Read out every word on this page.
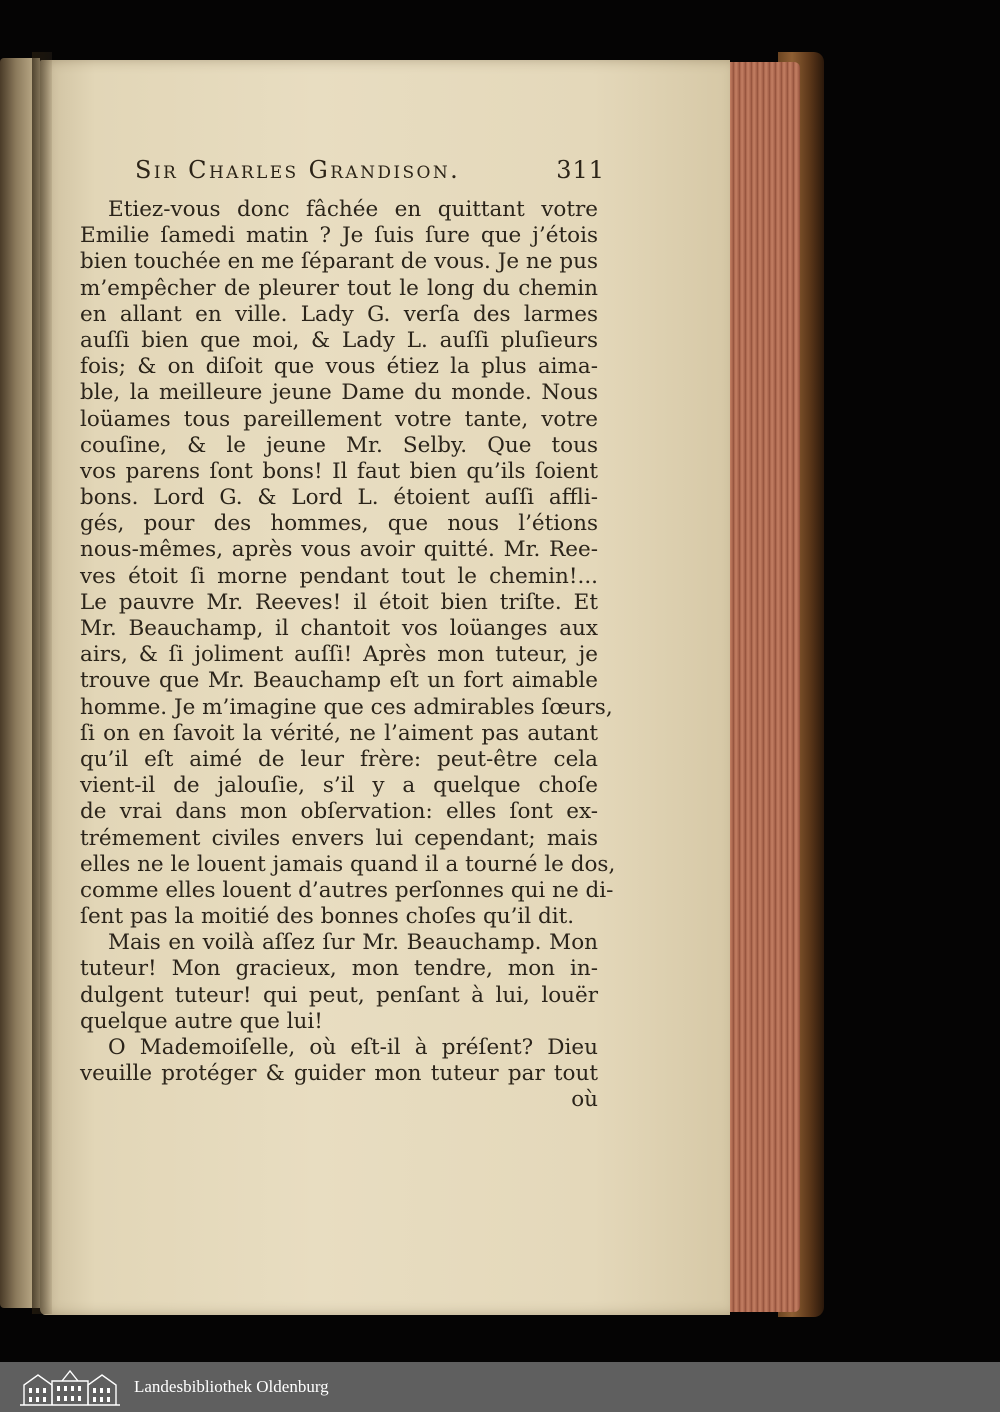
Sir Charles Grandison.	311
Etiez-vous donc fâchée en quittant votre
Emilie ſamedi matin ? Je ſuis ſure que j’étois
bien touchée en me ſéparant de vous. Je ne pus
m’empêcher de pleurer tout le long du chemin
en allant en ville. Lady G. verſa des larmes
auſſi bien que moi, & Lady L. auſſi pluſieurs
fois; & on diſoit que vous étiez la plus aima-
ble, la meilleure jeune Dame du monde. Nous
loüames tous pareillement votre tante, votre
couſine, & le jeune Mr. Selby. Que tous
vos parens ſont bons! Il faut bien qu’ils ſoient
bons. Lord G. & Lord L. étoient auſſi affli-
gés, pour des hommes, que nous l’étions
nous-mêmes, après vous avoir quitté. Mr. Ree-
ves étoit ſi morne pendant tout le chemin!...
Le pauvre Mr. Reeves! il étoit bien triſte. Et
Mr. Beauchamp, il chantoit vos loüanges aux
airs, & ſi joliment auſſi! Après mon tuteur, je
trouve que Mr. Beauchamp eſt un fort aimable
homme. Je m’imagine que ces admirables ſœurs,
ſi on en ſavoit la vérité, ne l’aiment pas autant
qu’il eſt aimé de leur frère: peut-être cela
vient-il de jalouſie, s’il y a quelque choſe
de vrai dans mon obſervation: elles ſont ex-
trémement civiles envers lui cependant; mais
elles ne le louent jamais quand il a tourné le dos,
comme elles louent d’autres perſonnes qui ne di-
ſent pas la moitié des bonnes choſes qu’il dit.
Mais en voilà aſſez ſur Mr. Beauchamp. Mon
tuteur! Mon gracieux, mon tendre, mon in-
dulgent tuteur! qui peut, penſant à lui, louër
quelque autre que lui!
O Mademoiſelle, où eſt-il à préſent? Dieu
veuille protéger & guider mon tuteur par tout
où
Landesbibliothek Oldenburg
